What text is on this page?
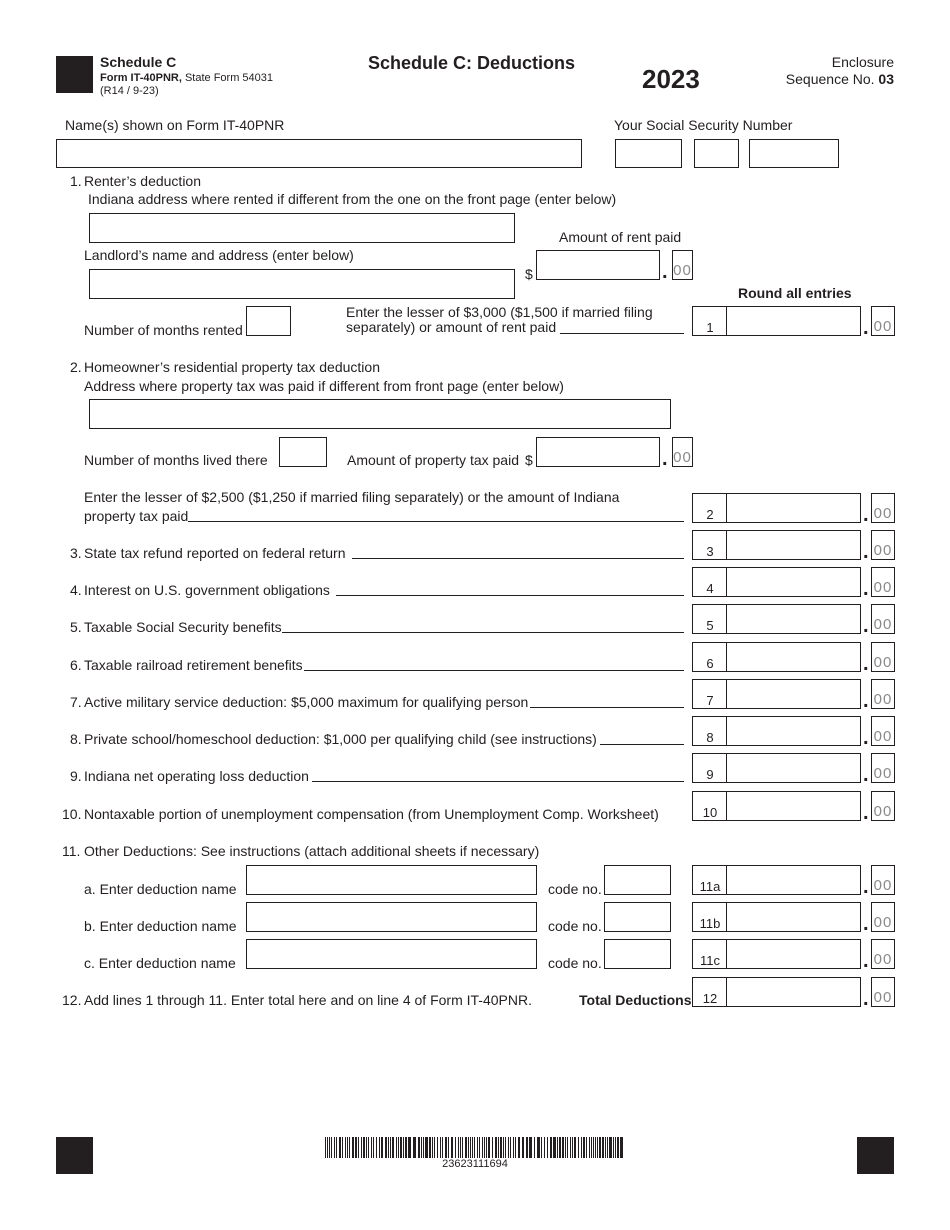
Schedule C
Form IT-40PNR, State Form 54031
(R14 / 9-23)
Schedule C: Deductions
2023
Enclosure
Sequence No. 03
Name(s) shown on Form IT-40PNR	Your Social Security Number
1. Renter’s deduction
Indiana address where rented if different from the one on the front page (enter below)
Amount of rent paid
Landlord’s name and address (enter below)
$	. 00
Round all entries
Number of months rented
Enter the lesser of $3,000 ($1,500 if married filing
separately) or amount of rent paid	1	. 00
2. Homeowner’s residential property tax deduction
Address where property tax was paid if different from front page (enter below)
Number of months lived there	Amount of property tax paid $	. 00
Enter the lesser of $2,500 ($1,250 if married filing separately) or the amount of Indiana
property tax paid	2	. 00
3. State tax refund reported on federal return	3	. 00
4. Interest on U.S. government obligations	4	. 00
5. Taxable Social Security benefits	5	. 00
6. Taxable railroad retirement benefits	6	. 00
7. Active military service deduction: $5,000 maximum for qualifying person	7	. 00
8. Private school/homeschool deduction: $1,000 per qualifying child (see instructions)	8	. 00
9. Indiana net operating loss deduction	9	. 00
10. Nontaxable portion of unemployment compensation (from Unemployment Comp. Worksheet)	10	. 00
11. Other Deductions: See instructions (attach additional sheets if necessary)
a. Enter deduction name	code no.	11a	. 00
b. Enter deduction name	code no.	11b	. 00
c. Enter deduction name	code no.	11c	. 00
12. Add lines 1 through 11. Enter total here and on line 4 of Form IT-40PNR.	Total Deductions 12	. 00
23623111694
